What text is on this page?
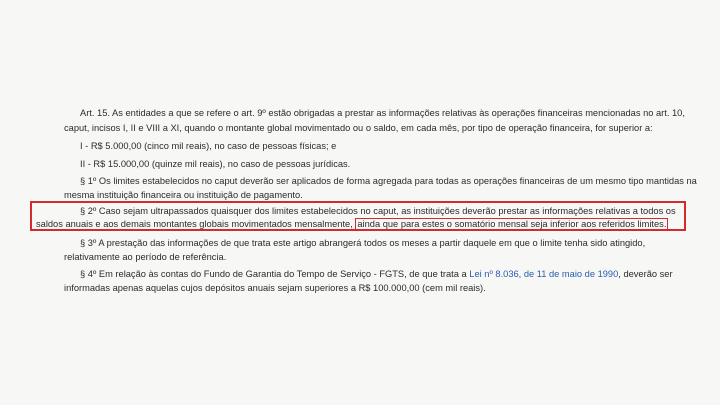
Art. 15. As entidades a que se refere o art. 9º estão obrigadas a prestar as informações relativas às operações financeiras mencionadas no art. 10,

caput, incisos I, II e VIII a XI, quando o montante global movimentado ou o saldo, em cada mês, por tipo de operação financeira, for superior a:

I - R$ 5.000,00 (cinco mil reais), no caso de pessoas físicas; e

II - R$ 15.000,00 (quinze mil reais), no caso de pessoas jurídicas.

§ 1º Os limites estabelecidos no caput deverão ser aplicados de forma agregada para todas as operações financeiras de um mesmo tipo mantidas na

mesma instituição financeira ou instituição de pagamento.

§ 2º Caso sejam ultrapassados quaisquer dos limites estabelecidos no caput, as instituições deverão prestar as informações relativas a todos os

saldos anuais e aos demais montantes globais movimentados mensalmente, ainda que para estes o somatório mensal seja inferior aos referidos limites.

§ 3º A prestação das informações de que trata este artigo abrangerá todos os meses a partir daquele em que o limite tenha sido atingido,

relativamente ao período de referência.

§ 4º Em relação às contas do Fundo de Garantia do Tempo de Serviço - FGTS, de que trata a Lei nº 8.036, de 11 de maio de 1990, deverão ser

informadas apenas aquelas cujos depósitos anuais sejam superiores a R$ 100.000,00 (cem mil reais).
